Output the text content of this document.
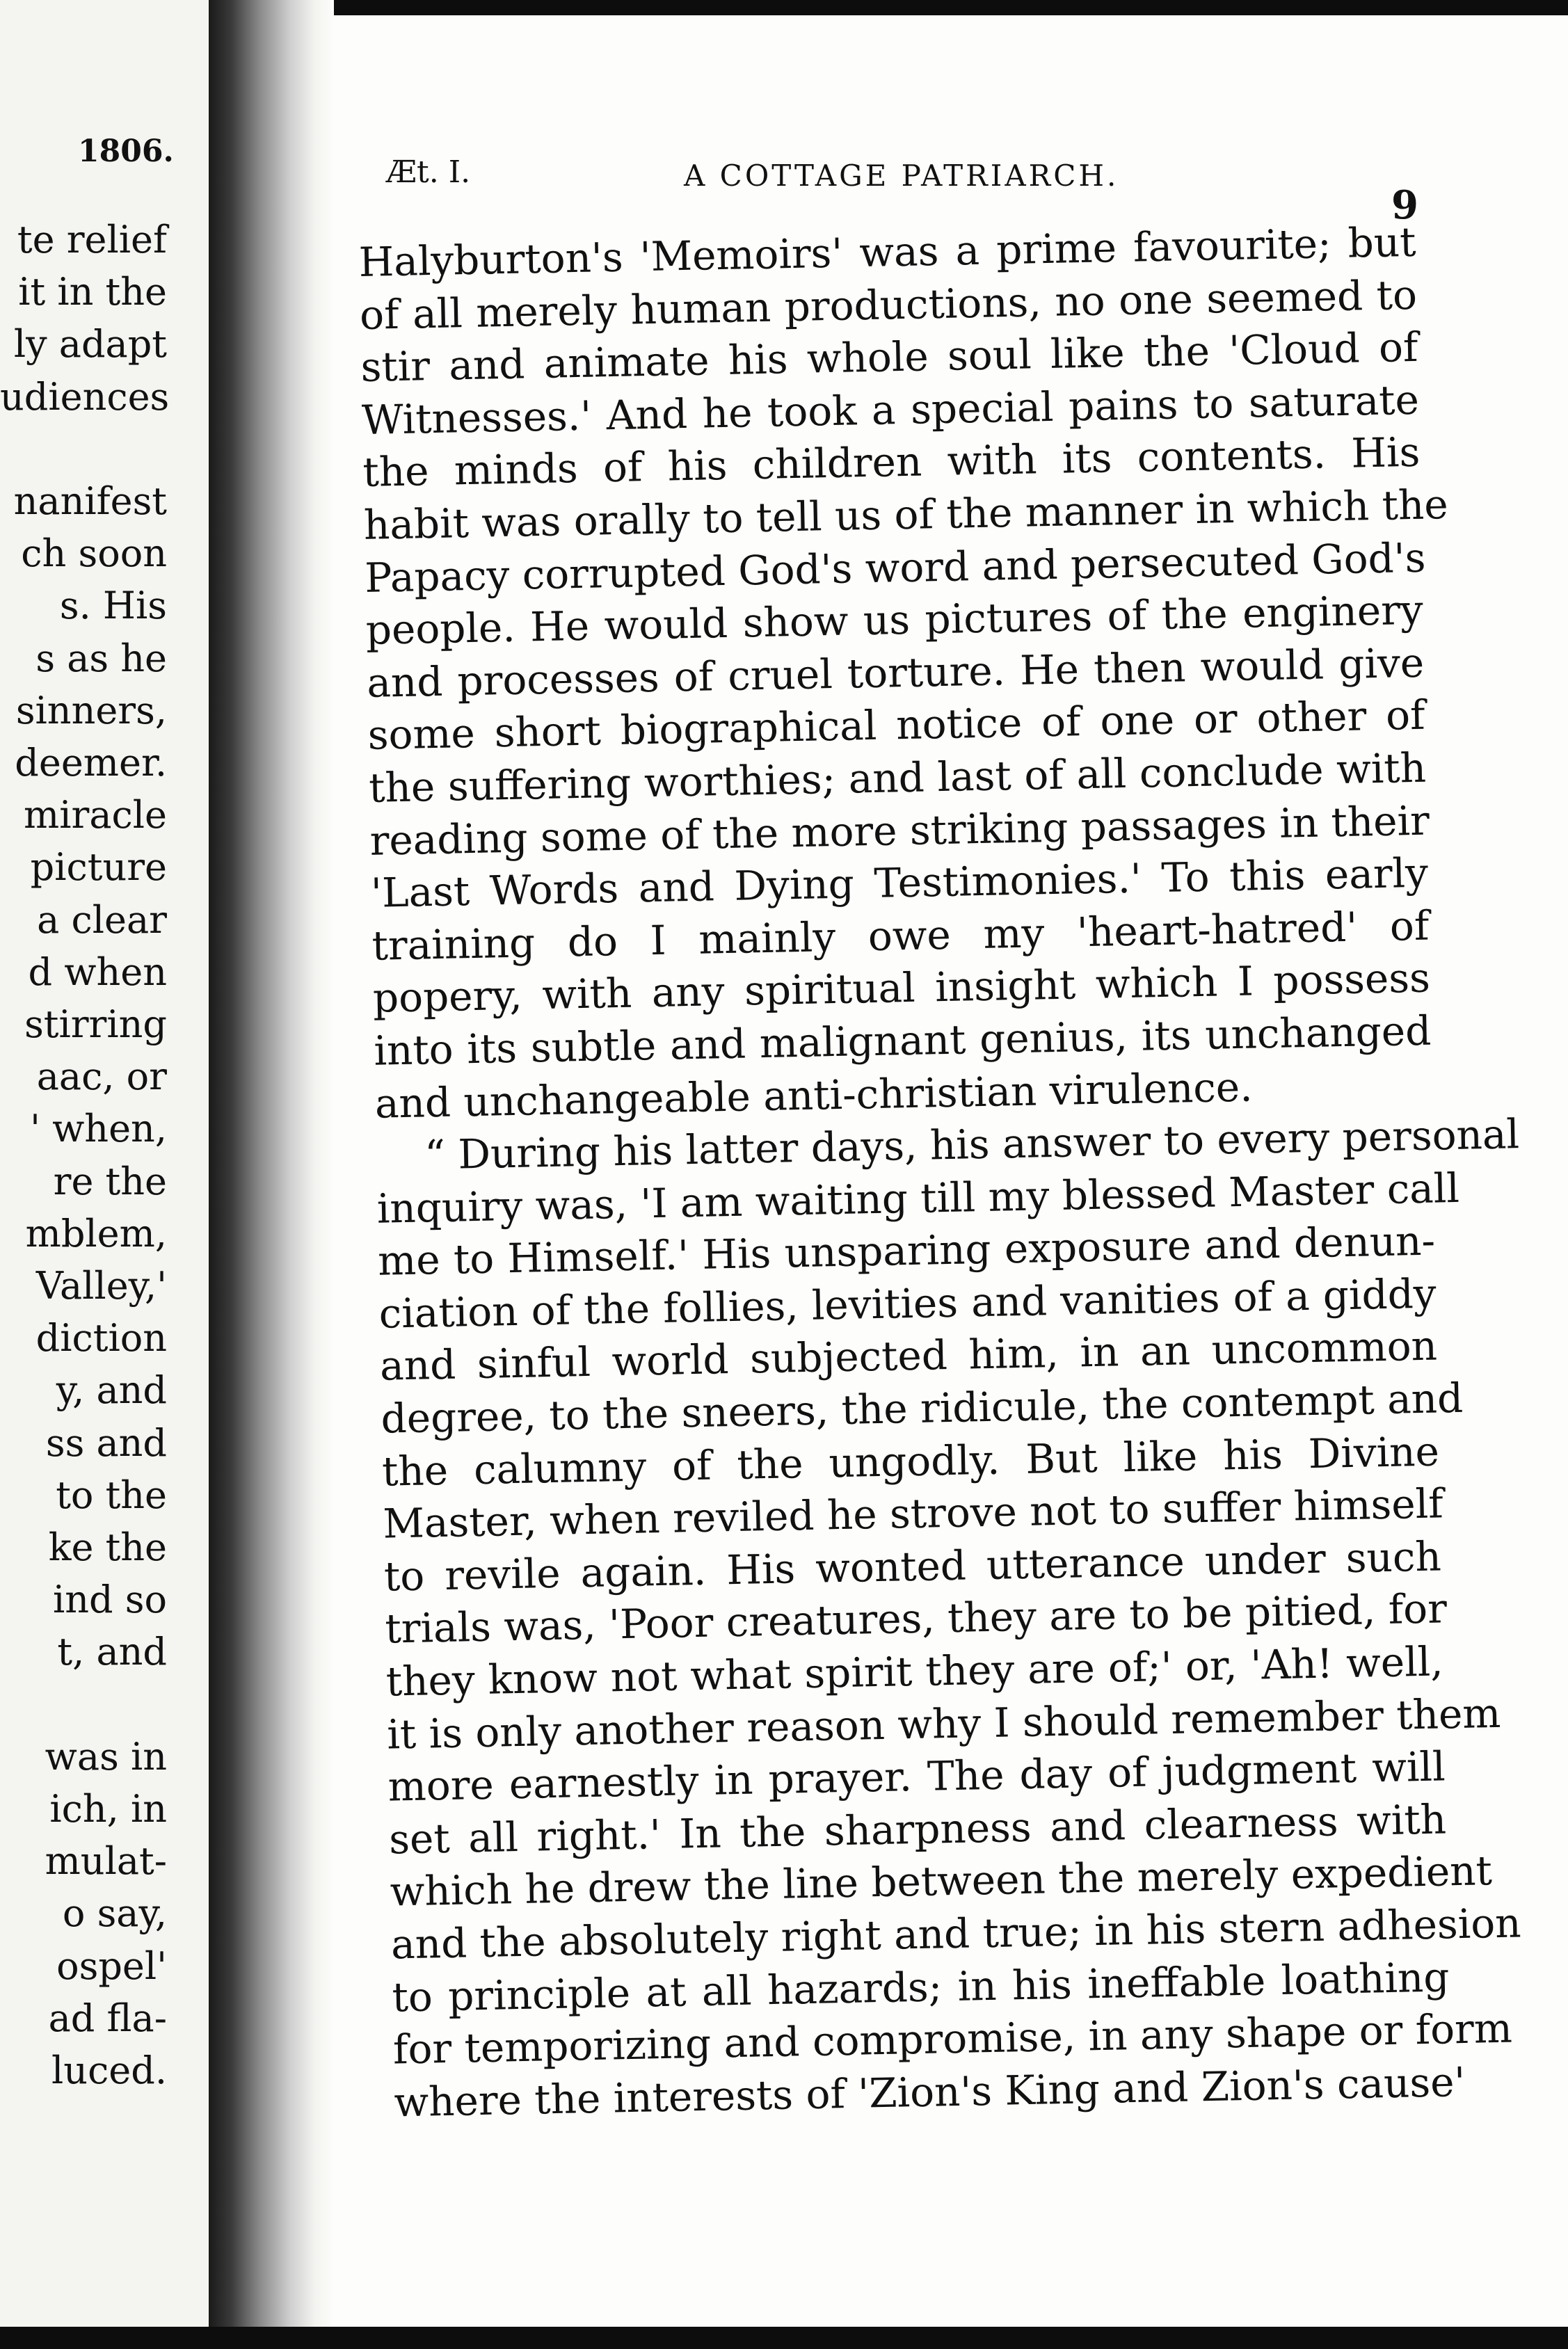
1806.
te relief
it in the
ly adapt
udiences
nanifest
ch soon
s. His
s as he
sinners,
deemer.
miracle
picture
a clear
d when
stirring
aac, or
' when,
re the
mblem,
Valley,'
diction
y, and
ss and
to the
ke the
ind so
t, and
was in
ich, in
mulat-
o say,
ospel'
ad fla-
luced.
Æt. I.	A COTTAGE PATRIARCH.
9
Halyburton's 'Memoirs' was a prime favourite; but
of all merely human productions, no one seemed to
stir and animate his whole soul like the 'Cloud of
Witnesses.' And he took a special pains to saturate
the minds of his children with its contents. His
habit was orally to tell us of the manner in which the
Papacy corrupted God's word and persecuted God's
people. He would show us pictures of the enginery
and processes of cruel torture. He then would give
some short biographical notice of one or other of
the suffering worthies; and last of all conclude with
reading some of the more striking passages in their
'Last Words and Dying Testimonies.' To this early
training do I mainly owe my 'heart-hatred' of
popery, with any spiritual insight which I possess
into its subtle and malignant genius, its unchanged
and unchangeable anti-christian virulence.
“ During his latter days, his answer to every personal
inquiry was, 'I am waiting till my blessed Master call
me to Himself.' His unsparing exposure and denun-
ciation of the follies, levities and vanities of a giddy
and sinful world subjected him, in an uncommon
degree, to the sneers, the ridicule, the contempt and
the calumny of the ungodly. But like his Divine
Master, when reviled he strove not to suffer himself
to revile again. His wonted utterance under such
trials was, 'Poor creatures, they are to be pitied, for
they know not what spirit they are of;' or, 'Ah! well,
it is only another reason why I should remember them
more earnestly in prayer. The day of judgment will
set all right.' In the sharpness and clearness with
which he drew the line between the merely expedient
and the absolutely right and true; in his stern adhesion
to principle at all hazards; in his ineffable loathing
for temporizing and compromise, in any shape or form
where the interests of 'Zion's King and Zion's cause'
